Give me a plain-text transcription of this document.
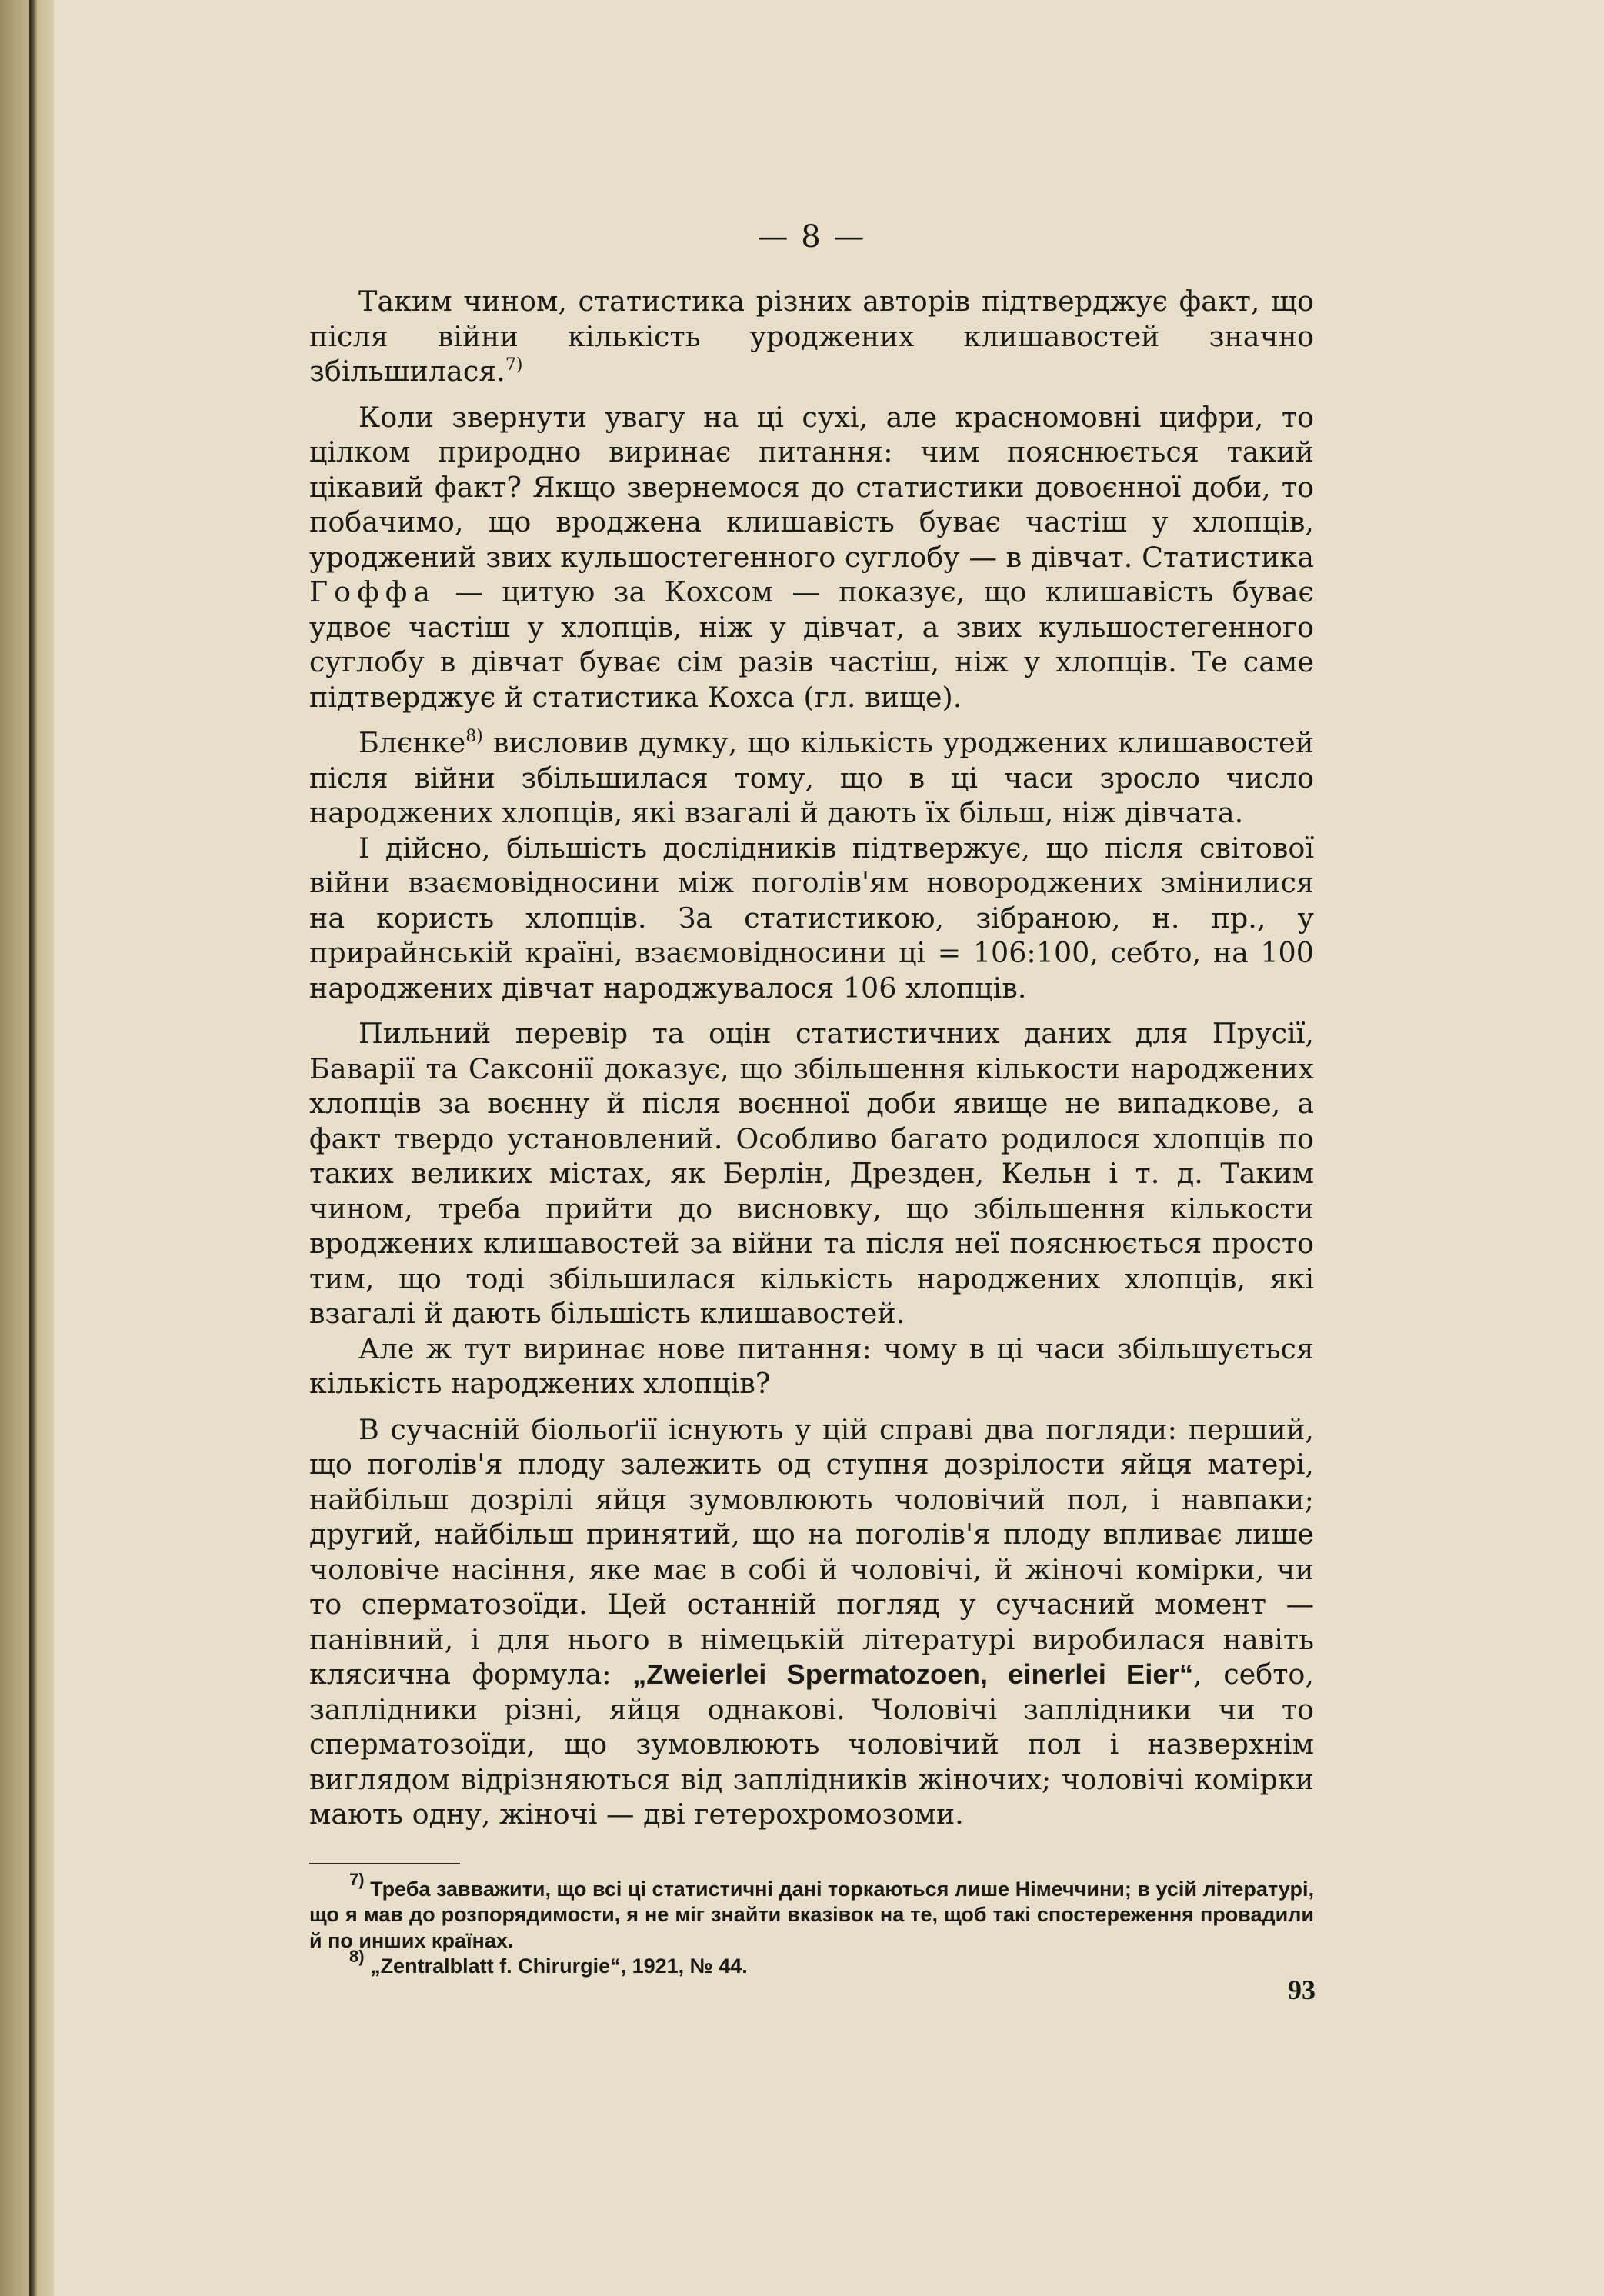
— 8 —

Таким чином, статистика різних авторів підтверджує факт, що після війни кількість уроджених клишавостей значно збільшилася.$^{7)}$

Коли звернути увагу на ці сухі, але красномовні цифри, то цілком природно виринає питання: чим пояснюється такий цікавий факт? Якщо звернемося до статистики довоєнної доби, то побачимо, що вроджена клишавість буває частіш у хлопців, уроджений звих кульшостегенного суглобу — в дівчат. Статистика Гоффа — цитую за Кохсом — показує, що клишавість буває удвоє частіш у хлопців, ніж у дівчат, а звих кульшостегенного суглобу в дівчат буває сім разів частіш, ніж у хлопців. Те саме підтверджує й статистика Кохса (гл. вище).

Блєнке$^{8)}$ висловив думку, що кількість уроджених клишавостей після війни збільшилася тому, що в ці часи зросло число народжених хлопців, які взагалі й дають їх більш, ніж дівчата.

І дійсно, більшість дослідників підтвержує, що після світової війни взаємовідносини між поголів'ям новороджених змінилися на користь хлопців. За статистикою, зібраною, н. пр., у прирайнській країні, взаємовідносини ці = 106:100, себто, на 100 народжених дівчат народжувалося 106 хлопців.

Пильний перевір та оцін статистичних даних для Прусії, Баварії та Саксонії доказує, що збільшення кількости народжених хлопців за воєнну й після воєнної доби явище не випадкове, а факт твердо установлений. Особливо багато родилося хлопців по таких великих містах, як Берлін, Дрезден, Кельн і т. д. Таким чином, треба прийти до висновку, що збільшення кількости вроджених клишавостей за війни та після неї пояснюється просто тим, що тоді збільшилася кількість народжених хлопців, які взагалі й дають більшість клишавостей.

Але ж тут виринає нове питання: чому в ці часи збільшується кількість народжених хлопців?

В сучасній біольоґії існують у цій справі два погляди: перший, що поголів'я плоду залежить од ступня дозрілости яйця матері, найбільш дозрілі яйця зумовлюють чоловічий пол, і навпаки; другий, найбільш принятий, що на поголів'я плоду впливає лише чоловіче насіння, яке має в собі й чоловічі, й жіночі комірки, чи то сперматозоїди. Цей останній погляд у сучасний момент — панівний, і для нього в німецькій літературі виробилася навіть клясична формула: „Zweierlei Spermatozoen, einerlei Eier“, себто, заплідники різні, яйця однакові. Чоловічі заплідники чи то сперматозоїди, що зумовлюють чоловічий пол і назверхнім виглядом відрізняються від заплідників жіночих; чоловічі комірки мають одну, жіночі — дві гетерохромозоми.

$^{7)}$ Треба завважити, що всі ці статистичні дані торкаються лише Німеччини; в усій літературі, що я мав до розпорядимости, я не міг знайти вказівок на те, щоб такі спостереження провадили й по инших країнах.

$^{8)}$ „Zentralblatt f. Chirurgie“, 1921, № 44.

93
